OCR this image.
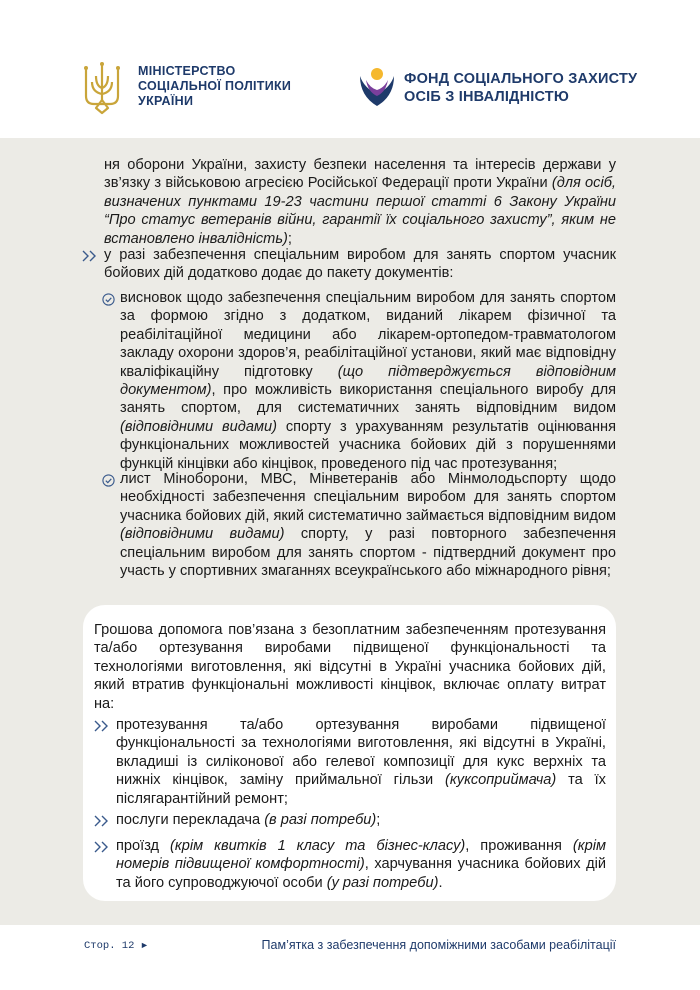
МІНІСТЕРСТВО
СОЦІАЛЬНОЇ ПОЛІТИКИ
УКРАЇНИ
ФОНД СОЦІАЛЬНОГО ЗАХИСТУ
ОСІБ З ІНВАЛІДНІСТЮ
ня оборони України, захисту безпеки населення та інтересів держави у зв’язку з військовою агресією Російської Федерації проти України (для осіб, визначених пунктами 19-23 частини першої статті 6 Закону України “Про статус ветеранів війни, гарантії їх соціального захисту”, яким не встановлено інвалідність);
у разі забезпечення спеціальним виробом для занять спортом учасник бойових дій додатково додає до пакету документів:
висновок щодо забезпечення спеціальним виробом для занять спортом за формою згідно з додатком, виданий лікарем фізичної та реабілітаційної медицини або лікарем-ортопедом-травматологом закладу охорони здоров’я, реабілітаційної установи, який має відповідну кваліфікаційну підготовку (що підтверджується відповідним документом), про можливість використання спеціального виробу для занять спортом, для систематичних занять відповідним видом (відповідними видами) спорту з урахуванням результатів оцінювання функціональних можливостей учасника бойових дій з порушеннями функцій кінцівки або кінцівок, проведеного під час протезування;
лист Міноборони, МВС, Мінветеранів або Мінмолодьспорту щодо необхідності забезпечення спеціальним виробом для занять спортом учасника бойових дій, який систематично займається відповідним видом (відповідними видами) спорту, у разі повторного забезпечення спеціальним виробом для занять спортом - підтвердний документ про участь у спортивних змаганнях всеукраїнського або міжнародного рівня;
Грошова допомога пов’язана з безоплатним забезпеченням протезування та/або ортезування виробами підвищеної функціональності та технологіями виготовлення, які відсутні в Україні учасника бойових дій, який втратив функціональні можливості кінцівок, включає оплату витрат на:
протезування та/або ортезування виробами підвищеної функціональності за технологіями виготовлення, які відсутні в Україні, вкладиші із силіконової або гелевої композиції для кукс верхніх та нижніх кінцівок, заміну приймальної гільзи (куксоприймача) та їх післягарантійний ремонт;
послуги перекладача (в разі потреби);
проїзд (крім квитків 1 класу та бізнес-класу), проживання (крім номерів підвищеної комфортності), харчування учасника бойових дій та його супроводжуючої особи (у разі потреби).
Стор. 12 ►	Пам’ятка з забезпечення допоміжними засобами реабілітації
